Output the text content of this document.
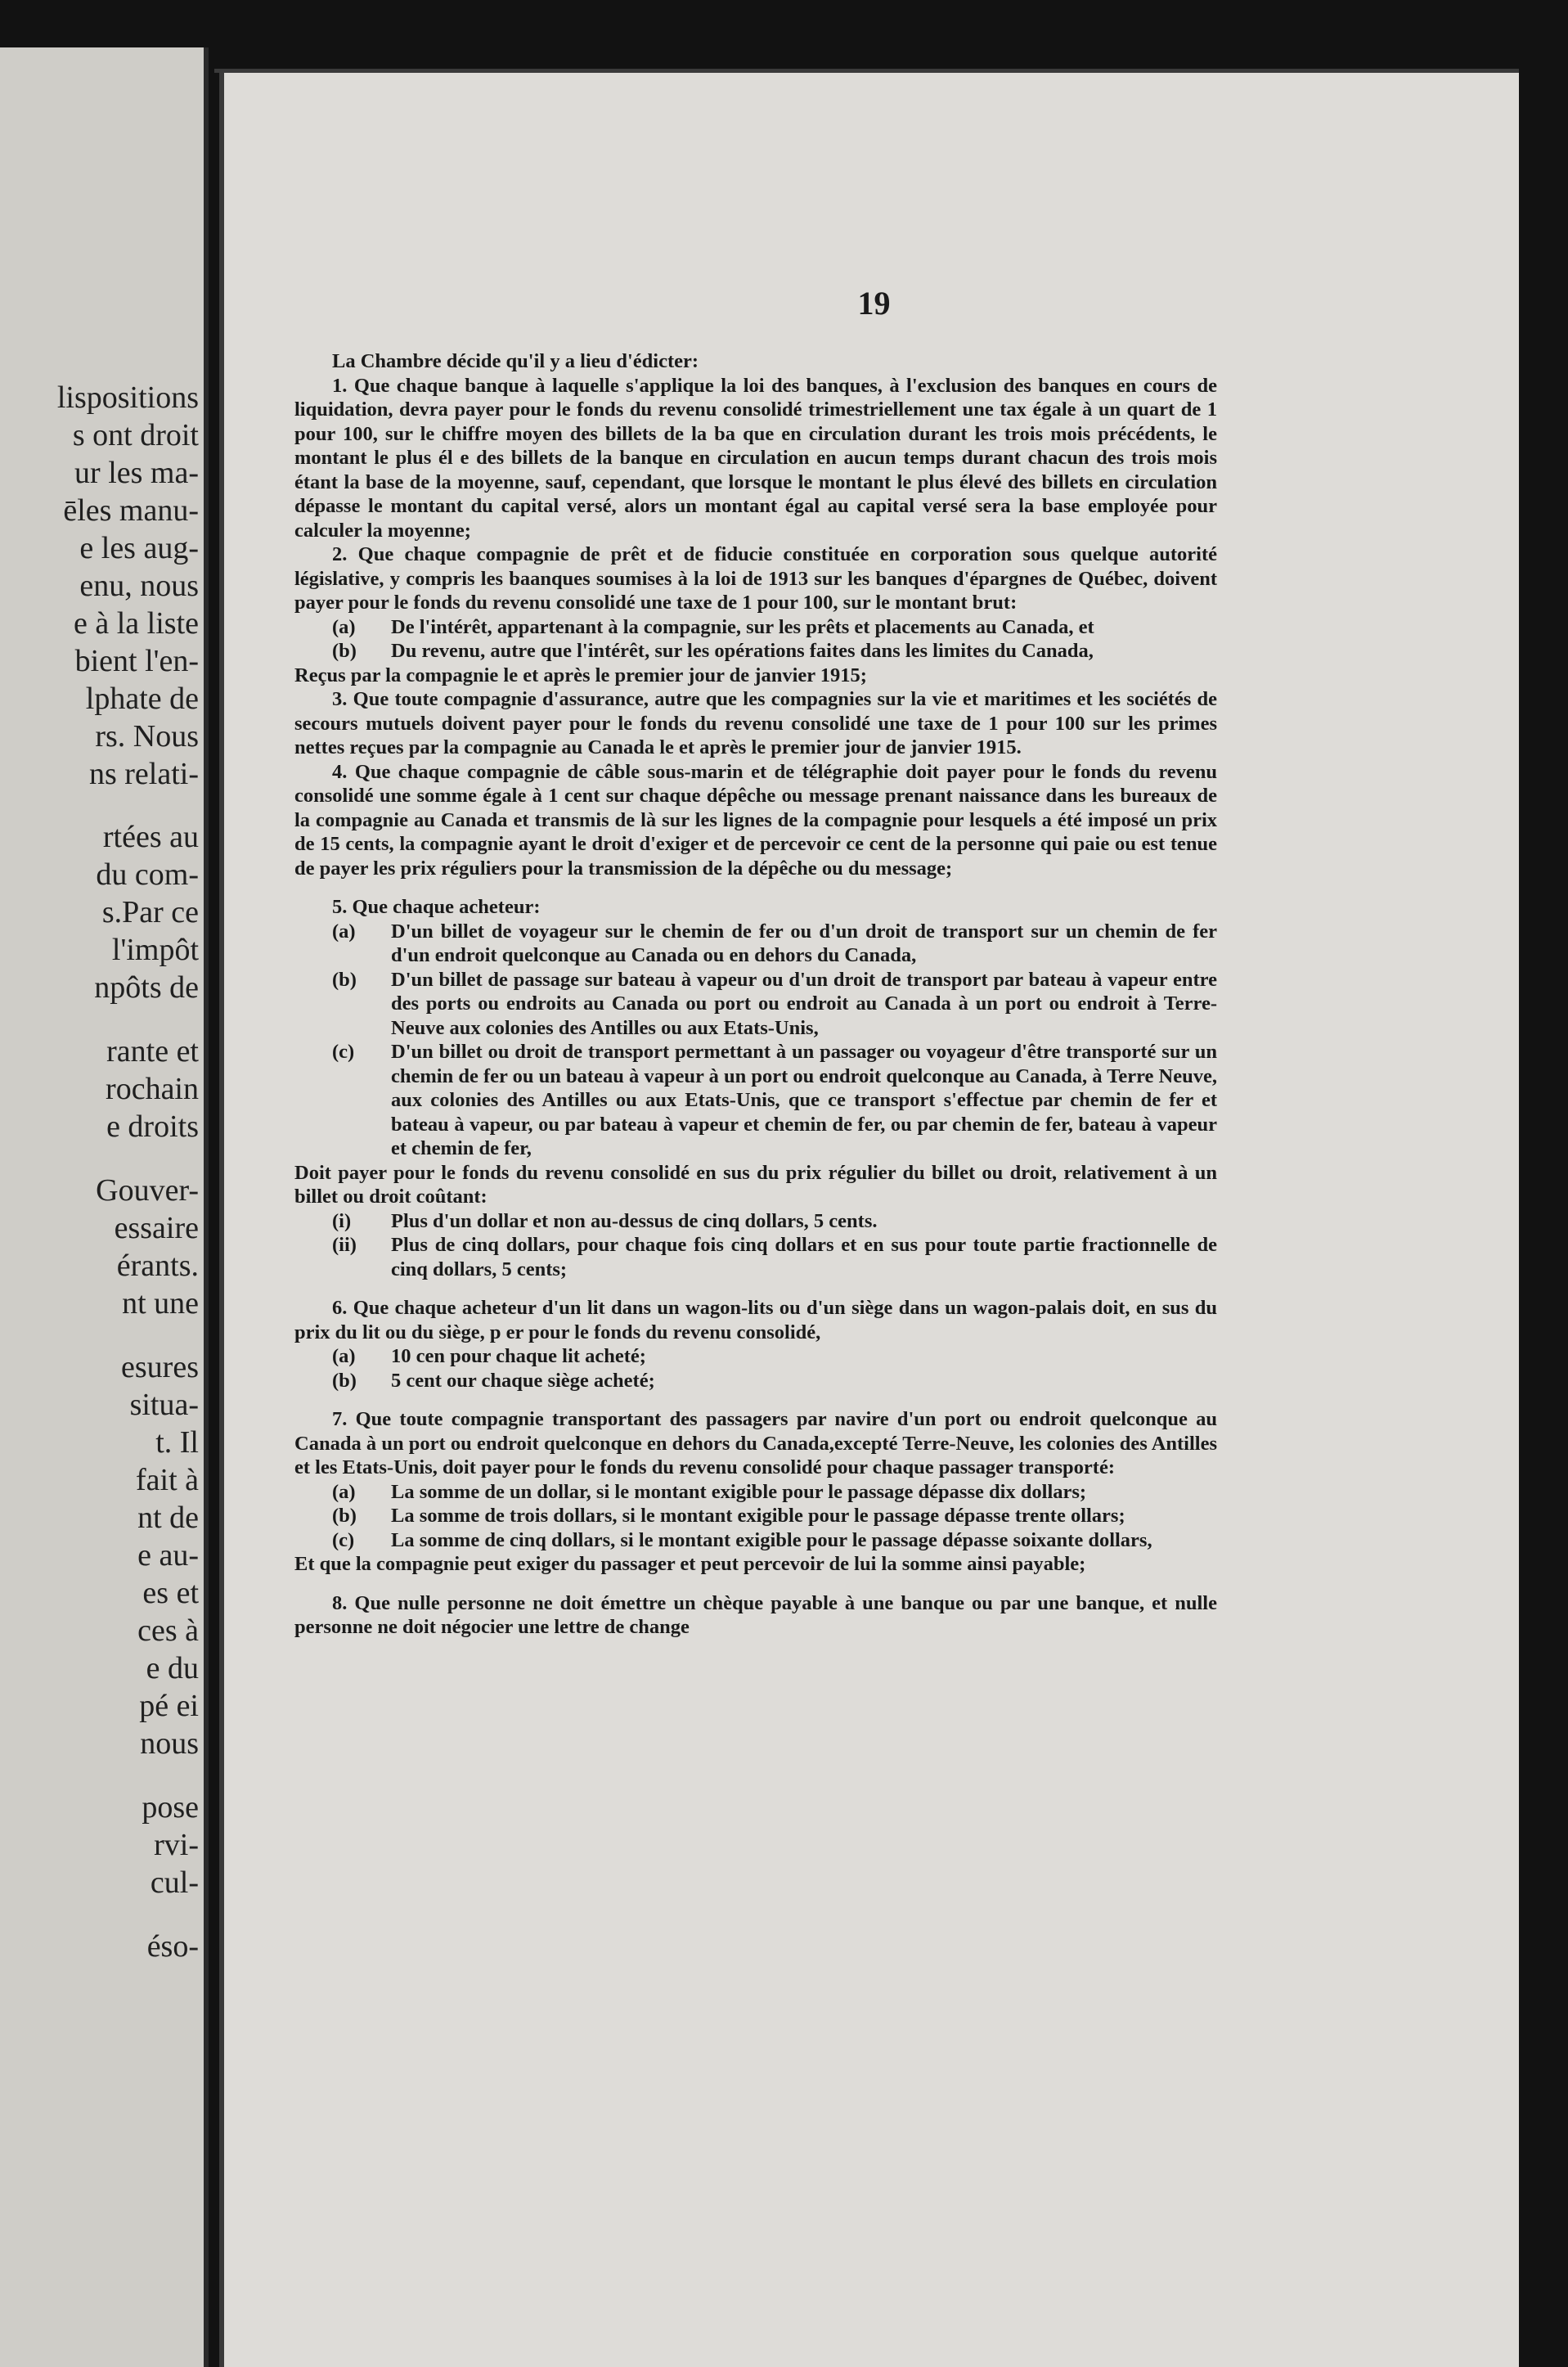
lispositions
s ont droit
ur les ma-
ēles manu-
e les aug-
enu, nous
e à la liste
bient l'en-
lphate de
rs. Nous
ns relati-
rtées au
du com-
s.Par ce
l'impôt
npôts de
rante et
rochain
e droits
Gouver-
essaire
érants.
nt une
esures
situa-
t. Il
fait à
nt de
e au-
es et
ces à
e du
pé ei
nous
pose
rvi-
cul-
éso-
19

La Chambre décide qu'il y a lieu d'édicter:

1. Que chaque banque à laquelle s'applique la loi des banques, à l'exclusion des banques en cours de liquidation, devra payer pour le fonds du revenu consolidé trimestriellement une tax égale à un quart de 1 pour 100, sur le chiffre moyen des billets de la ba que en circulation durant les trois mois précédents, le montant le plus él e des billets de la banque en circulation en aucun temps durant chacun des trois mois étant la base de la moyenne, sauf, cependant, que lorsque le montant le plus élevé des billets en circulation dépasse le montant du capital versé, alors un montant égal au capital versé sera la base employée pour calculer la moyenne;

2. Que chaque compagnie de prêt et de fiducie constituée en corporation sous quelque autorité législative, y compris les baanques soumises à la loi de 1913 sur les banques d'épargnes de Québec, doivent payer pour le fonds du revenu consolidé une taxe de 1 pour 100, sur le montant brut:

(a)	De l'intérêt, appartenant à la compagnie, sur les prêts et placements au Canada, et
(b)	Du revenu, autre que l'intérêt, sur les opérations faites dans les limites du Canada,

Reçus par la compagnie le et après le premier jour de janvier 1915;

3. Que toute compagnie d'assurance, autre que les compagnies sur la vie et maritimes et les sociétés de secours mutuels doivent payer pour le fonds du revenu consolidé une taxe de 1 pour 100 sur les primes nettes reçues par la compagnie au Canada le et après le premier jour de janvier 1915.

4. Que chaque compagnie de câble sous-marin et de télégraphie doit payer pour le fonds du revenu consolidé une somme égale à 1 cent sur chaque dépêche ou message prenant naissance dans les bureaux de la compagnie au Canada et transmis de là sur les lignes de la compagnie pour lesquels a été imposé un prix de 15 cents, la compagnie ayant le droit d'exiger et de percevoir ce cent de la personne qui paie ou est tenue de payer les prix réguliers pour la transmission de la dépêche ou du message;

5. Que chaque acheteur:

(a)	D'un billet de voyageur sur le chemin de fer ou d'un droit de transport sur un chemin de fer d'un endroit quelconque au Canada ou en dehors du Canada,
(b)	D'un billet de passage sur bateau à vapeur ou d'un droit de transport par bateau à vapeur entre des ports ou endroits au Canada ou port ou endroit au Canada à un port ou endroit à Terre-Neuve aux colonies des Antilles ou aux Etats-Unis,
(c)	D'un billet ou droit de transport permettant à un passager ou voyageur d'être transporté sur un chemin de fer ou un bateau à vapeur à un port ou endroit quelconque au Canada, à Terre Neuve, aux colonies des Antilles ou aux Etats-Unis, que ce transport s'effectue par chemin de fer et bateau à vapeur, ou par bateau à vapeur et chemin de fer, ou par chemin de fer, bateau à vapeur et chemin de fer,

Doit payer pour le fonds du revenu consolidé en sus du prix régulier du billet ou droit, relativement à un billet ou droit coûtant:

(i)	Plus d'un dollar et non au-dessus de cinq dollars, 5 cents.
(ii)	Plus de cinq dollars, pour chaque fois cinq dollars et en sus pour toute partie fractionnelle de cinq dollars, 5 cents;

6. Que chaque acheteur d'un lit dans un wagon-lits ou d'un siège dans un wagon-palais doit, en sus du prix du lit ou du siège, p er pour le fonds du revenu consolidé,

(a)	10 cen pour chaque lit acheté;
(b)	5 cent our chaque siège acheté;

7. Que toute compagnie transportant des passagers par navire d'un port ou endroit quelconque au Canada à un port ou endroit quelconque en dehors du Canada,excepté Terre-Neuve, les colonies des Antilles et les Etats-Unis, doit payer pour le fonds du revenu consolidé pour chaque passager transporté:

(a)	La somme de un dollar, si le montant exigible pour le passage dépasse dix dollars;
(b)	La somme de trois dollars, si le montant exigible pour le passage dépasse trente ollars;
(c)	La somme de cinq dollars, si le montant exigible pour le passage dépasse soixante dollars,

Et que la compagnie peut exiger du passager et peut percevoir de lui la somme ainsi payable;

8. Que nulle personne ne doit émettre un chèque payable à une banque ou par une banque, et nulle personne ne doit négocier une lettre de change
